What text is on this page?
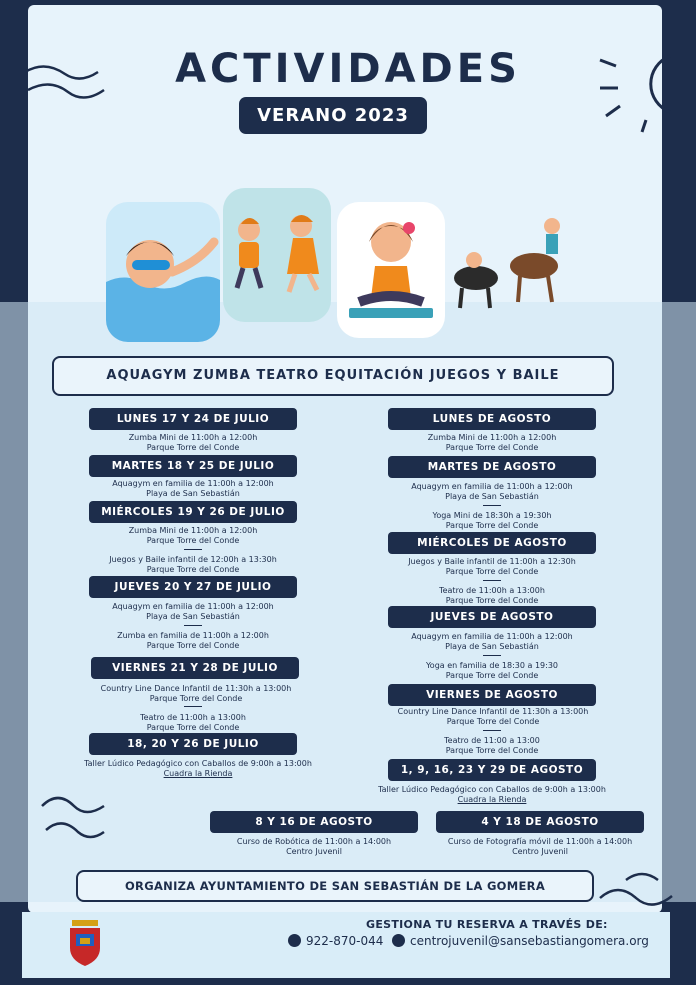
ACTIVIDADES
VERANO 2023
AQUAGYM ZUMBA TEATRO EQUITACIÓN JUEGOS Y BAILE
LUNES 17 Y 24 DE JULIO
Zumba Mini de 11:00h a 12:00h
Parque Torre del Conde
MARTES 18 Y 25 DE JULIO
Aquagym en familia de 11:00h a 12:00h
Playa de San Sebastián
MIÉRCOLES 19 Y 26 DE JULIO
Zumba Mini de 11:00h a 12:00h
Parque Torre del Conde
Juegos y Baile infantil de 12:00h a 13:30h
Parque Torre del Conde
JUEVES 20 Y 27 DE JULIO
Aquagym en familia de 11:00h a 12:00h
Playa de San Sebastián
Zumba en familia de 11:00h a 12:00h
Parque Torre del Conde
VIERNES 21 Y 28 DE JULIO
Country Line Dance Infantil de 11:30h a 13:00h
Parque Torre del Conde
Teatro de 11:00h a 13:00h
Parque Torre del Conde
18, 20 Y 26 DE JULIO
Taller Lúdico Pedagógico con Caballos de 9:00h a 13:00h
Cuadra la Rienda
LUNES DE AGOSTO
Zumba Mini de 11:00h a 12:00h
Parque Torre del Conde
MARTES DE AGOSTO
Aquagym en familia de 11:00h a 12:00h
Playa de San Sebastián
Yoga Mini de 18:30h a 19:30h
Parque Torre del Conde
MIÉRCOLES DE AGOSTO
Juegos y Baile infantil de 11:00h a 12:30h
Parque Torre del Conde
Teatro de 11:00h a 13:00h
Parque Torre del Conde
JUEVES DE AGOSTO
Aquagym en familia de 11:00h a 12:00h
Playa de San Sebastián
Yoga en familia de 18:30 a 19:30
Parque Torre del Conde
VIERNES DE AGOSTO
Country Line Dance Infantil de 11:30h a 13:00h
Parque Torre del Conde
Teatro de 11:00 a 13:00
Parque Torre del Conde
1, 9, 16, 23 Y 29 DE AGOSTO
Taller Lúdico Pedagógico con Caballos de 9:00h a 13:00h
Cuadra la Rienda
8 Y 16 DE AGOSTO
Curso de Robótica de 11:00h a 14:00h
Centro Juvenil
4 Y 18 DE AGOSTO
Curso de Fotografía móvil de 11:00h a 14:00h
Centro Juvenil
ORGANIZA AYUNTAMIENTO DE SAN SEBASTIÁN DE LA GOMERA
GESTIONA TU RESERVA A TRAVÉS DE:
922-870-044	centrojuvenil@sansebastiangomera.org
